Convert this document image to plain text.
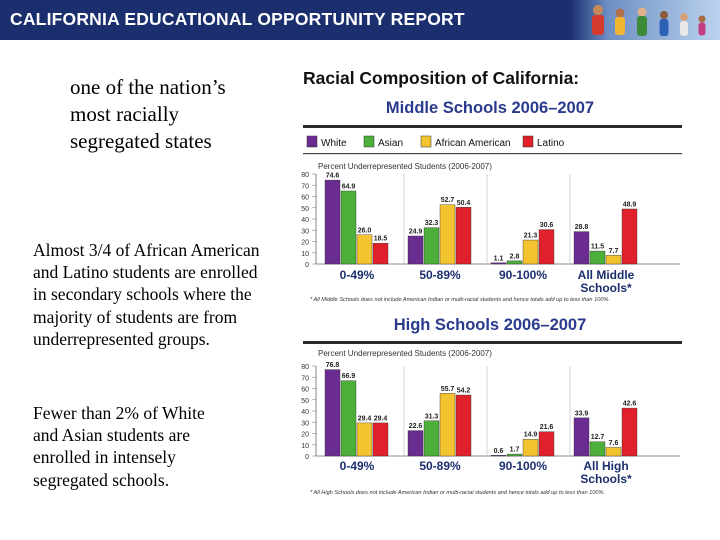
CALIFORNIA EDUCATIONAL OPPORTUNITY REPORT
one of the nation’s most racially segregated states
Almost 3/4 of African American and Latino students are enrolled in secondary schools where the majority of students are from underrepresented groups.
Fewer than 2% of White and Asian students are enrolled in intensely segregated schools.
Racial Composition of California:
Middle Schools 2006–2007
White	Asian	African American	Latino
Percent Underrepresented Students (2006-2007)
0
10
20
30
40
50
60
70
80 74.6
64.9
26.0
18.5
0-49%
24.9
32.3
52.7 50.4
50-89%
1.1 2.8
21.3
30.6
90-100%
28.8
11.5
7.7
48.9
All Middle Schools*
* All Middle Schools does not include American Indian or multi-racial students and hence totals add up to less than 100%.
High Schools 2006–2007
Percent Underrepresented Students (2006-2007)
0
10
20
30
40
50
60
70
80 76.8
66.9
29.4 29.4
0-49%
22.6
31.3
55.7 54.2
50-89%
0.6 1.7
14.9
21.6
90-100%
33.9
12.7
7.6
42.6
All High Schools*
* All High Schools does not include American Indian or multi-racial students and hence totals add up to less than 100%.
